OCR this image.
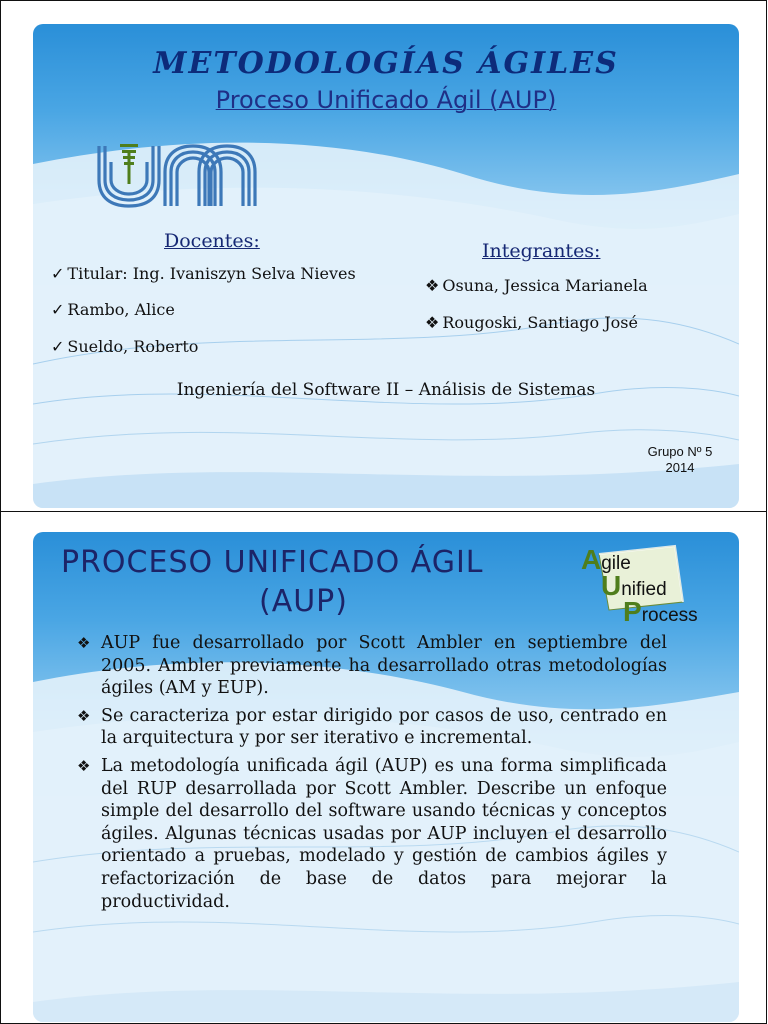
METODOLOGÍAS ÁGILES
Proceso Unificado Ágil (AUP)
Docentes:
✓ Titular: Ing. Ivaniszyn Selva Nieves
✓ Rambo, Alice
✓ Sueldo, Roberto
Integrantes:
❖ Osuna, Jessica Marianela
❖ Rougoski, Santiago José
Ingeniería del Software II – Análisis de Sistemas
Grupo Nº 5
2014
PROCESO UNIFICADO ÁGIL
(AUP)
Agile
Unified
Process
❖ AUP fue desarrollado por Scott Ambler en septiembre del 2005. Ambler previamente ha desarrollado otras metodologías ágiles (AM y EUP).
❖ Se caracteriza por estar dirigido por casos de uso, centrado en la arquitectura y por ser iterativo e incremental.
❖ La metodología unificada ágil (AUP) es una forma simplificada del RUP desarrollada por Scott Ambler. Describe un enfoque simple del desarrollo del software usando técnicas y conceptos ágiles. Algunas técnicas usadas por AUP incluyen el desarrollo orientado a pruebas, modelado y gestión de cambios ágiles y refactorización de base de datos para mejorar la productividad.
